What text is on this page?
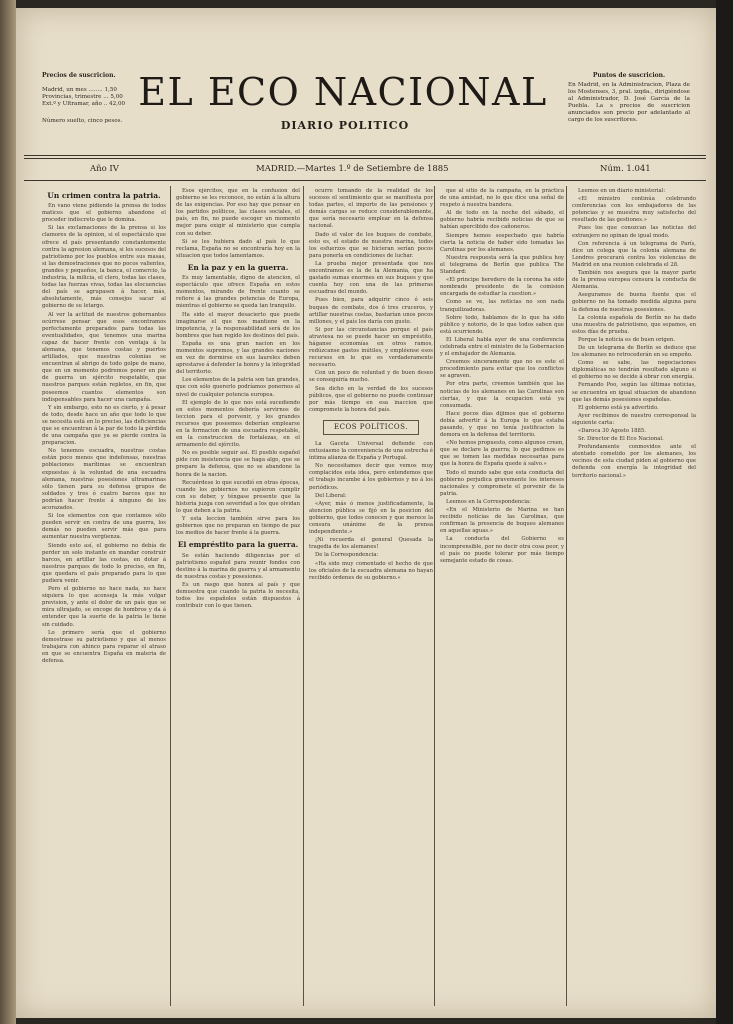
Precios de suscricion.
Madrid, un mes ........ 1,50
Provincias, trimestre ... 5,00
Ext.º y Ultramar, año .. 42,00
Número suelto, cinco pesos.
EL ECO NACIONAL
DIARIO POLITICO
Puntos de suscricion.
En Madrid, en la Administracion, Plaza de los Mostenses, 3, pral. izqda., dirigiéndose al Administrador, D. José García de la Puebla. La s precios de suscricion anunciados son precio por adelantado al cargo de los suscritores.
Año IV	MADRID.—Martes 1.º de Setiembre de 1885	Núm. 1.041
Un crimen contra la patria.

En vano viene pidiendo la prensa de todos matices que el gobierno abandone el proceder indiscreto que le domina.

Si las exclamaciones de la prensa si los clamores de la opinion, si el espectáculo que ofrece el país presentando constantemente contra la agresion alemana, si los sucesos del patriotismo por los pueblos entre sus masas, si las demostraciones que no pocos valientes, grandes y pequeños, la banca, el comercio, la industria, la milicia, el clero, todas las clases, todas las fuerzas vivas, todas las elocuencias del país se agrupasen á hacer, más, absolutamente, más consejos sacar al gobierno de su letargo.

Al ver la actitud de nuestros gobernantes ocúrrese pensar que esos encontramos perfectamente preparados para todas las eventualidades, que tenemos una marina capaz de hacer frente con ventaja á la alemana, que tenemos costas y puertos artillados, que nuestras colonias se encuentran al abrigo de todo golpe de mano, que en un momento podremos poner en pie de guerra un ejército respetable, que nuestros parques están repletos, en fin, que poseemos cuantos elementos son indispensables para hacer una campaña.

Y sin embargo, esto no es cierto, y á pesar de todo, desde hace un año que todo lo que se necesita está en lo preciso, las deficiencias que se encuentran á la par de todo la pérdida de una campaña que ya se pierde contra la preparacion.

No tenemos escuadra, nuestras costas están poco menos que indefensas, nuestras poblaciones marítimas se encuentran expuestas á la voluntad de una escuadra alemana, nuestras posesiones ultramarinas sólo tienen para su defensa grupos de soldados y tres ó cuatro barcos que no podrían hacer frente á ninguno de los acorazados.

Si los elementos con que contamos sólo pueden servir en contra de una guerra, los demás no pueden servir más que para aumentar nuestra vergüenza.

Siendo esto así, el gobierno no debía de perder un solo instante en mandar construir barcos, en artillar las costas, en dotar á nuestros parques de todo lo preciso, en fin, que quedara el país preparado para lo que pudiera venir.

Pero el gobierno no hace nada, no hace siquiera lo que aconseja la más vulgar prevision, y ante el dolor de un país que se mira ultrajado, se encoge de hombros y da á entender que la suerte de la patria le tiene sin cuidado.

Lo primero sería que el gobierno demostrase su patriotismo y que al menos trabajara con ahinco para reparar el atraso en que se encuentra España en materia de defensa.

Esos ejércitos, que en la confusion del gobierno se les reconoce, no están á la altura de las exigencias. Por eso hay que pensar en los partidos políticos, las clases sociales, el país, en fin, no puede escoger un momento mejor para exigir al ministerio que cumpla con su deber.

Si se les hubiera dado al país lo que reclama, España no se encontraría hoy en la situacion que todos lamentamos.

En la paz y en la guerra.

Es muy lamentable, digno de atencion, el espectáculo que ofrece España en estos momentos, mirando de frente cuanto se refiere á las grandes potencias de Europa, mientras el gobierno se queda tan tranquilo.

Ha sido el mayor desacierto que puede imaginarse el que nos mantiene en la impotencia, y la responsabilidad será de los hombres que han regido los destinos del país.

España es una gran nacion en los momentos supremos, y las grandes naciones en vez de dormirse en sus laureles deben aprestarse á defender la honra y la integridad del territorio.

Los elementos de la patria son tan grandes, que con sólo quererlo podríamos ponernos al nivel de cualquier potencia europea.

El ejemplo de lo que nos está sucediendo en estos momentos debería servirnos de leccion para el porvenir, y los grandes recursos que poseemos deberían emplearse en la formacion de una escuadra respetable, en la construccion de fortalezas, en el armamento del ejército.

No es posible seguir así. El pueblo español pide con insistencia que se haga algo, que se prepare la defensa, que no se abandone la honra de la nacion.

Recuérdese lo que sucedió en otras épocas, cuando los gobiernos no supieron cumplir con su deber, y téngase presente que la historia juzga con severidad a los que olvidan lo que deben a la patria.

Y esta leccion también sirve para los gobiernos que no preparan en tiempo de paz los medios de hacer frente á la guerra.

El empréstito para la guerra.

Se están haciendo diligencias por el patriotismo español para reunir fondos con destino á la marina de guerra y al armamento de nuestras costas y posesiones.

Es un rasgo que honra al país y que demuestra que cuando la patria lo necesita, todos los españoles están dispuestos á contribuir con lo que tienen.

ocurre tomando de la realidad de los sucesos el sentimiento que se manifiesta por todas partes, el importe de las pensiones y demás cargas se reduce considerablemente, que sería necesario emplear en la defensa nacional.

Dado el valor de los buques de combate, esto es, el estado de nuestra marina, todos los esfuerzos que se hicieran serían pocos para ponerla en condiciones de luchar.

La prueba mejor presentada que nos encontramos es la de la Alemania, que ha gastado sumas enormes en sus buques y que cuenta hoy con una de las primeras escuadras del mundo.

Pues bien, para adquirir cinco ó seis buques de combate, dos ó tres cruceros, y artillar nuestras costas, bastarían unos pocos millones, y el país los daría con gusto.

Si por las circunstancias porque el país atraviesa no se puede hacer un empréstito, háganse economías en otros ramos, redúzcanse gastos inútiles, y empléense esos recursos en lo que es verdaderamente necesario.

Con un poco de voluntad y de buen deseo se conseguiría mucho.

Sea dicho en la verdad de los sucesos públicos, que el gobierno no puede continuar por más tiempo en esa inaccion que compromete la honra del país.

ECOS POLÍTICOS.

La Gaceta Universal defiende con entusiasmo la conveniencia de una estrecha é íntima alianza de España y Portugal.

No necesitamos decir que vemos muy complacidos esta idea, pero entendemos que el trabajo incumbe á los gobiernos y no á los periódicos.

Del Liberal:

«Ayer, más ó menos justificadamente, la atencion pública se fijó en la posicion del gobierno, que todos conocen y que merece la censura unánime de la prensa independiente.»

¡Ni recuerda el general Quesada la tragedia de los alemanes!

De la Correspondencia:

«Ha sido muy comentado el hecho de que los oficiales de la escuadra alemana no hayan recibido órdenes de su gobierno.»

que al sitio de la campaña, en la práctica de una amistad, no lo que dice una señal de respeto á nuestra bandera.

Al de todo en la noche del sábado, el gobierno habría recibido noticias de que se habían apercibido dos cañoneros.

Siempre hemos sospechado que habría cierta la noticia de haber sido tomadas las Carolinas por los alemanes.

Nuestra respuesta será la que publica hoy el telegrama de Berlín que publica The Standard:

«El principe heredero de la corona ha sido nombrado presidente de la comision encargada de estudiar la cuestion.»

Como se ve, las noticias no son nada tranquilizadoras.

Sobre todo, hablamos de lo que ha sido público y notorio, de lo que todos saben que está ocurriendo.

El Liberal habla ayer de una conferencia celebrada entre el ministro de la Gobernacion y el embajador de Alemania.

Creemos sinceramente que no es este el procedimiento para evitar que los conflictos se agraven.

Por otra parte, creemos también que las noticias de los alemanes en las Carolinas son ciertas, y que la ocupacion está ya consumada.

Hace pocos días dijimos que el gobierno debía advertir á la Europa lo que estaba pasando, y que no tenía justificacion la demora en la defensa del territorio.

«No hemos propuesto, como algunos creen, que se declare la guerra; lo que pedimos es que se tomen las medidas necesarias para que la honra de España quede á salvo.»

Todo el mundo sabe que esta conducta del gobierno perjudica gravemente los intereses nacionales y compromete el porvenir de la patria.

Leemos en la Correspondencia:

«En el Ministerio de Marina se han recibido noticias de las Carolinas, que confirman la presencia de buques alemanes en aquellas aguas.»

La conducta del Gobierno es incomprensible, por no decir otra cosa peor, y el país no puede tolerar por más tiempo semejante estado de cosas.

Leemos en un diario ministerial:

«El ministro continúa celebrando conferencias con los embajadores de las potencias y se muestra muy satisfecho del resultado de las gestiones.»

Pues los que conozcan las noticias del extranjero no opinan de igual modo.

Con referencia á un telegrama de París, dice un colega que la colonia alemana de Londres procurará contra los violencias de Madrid en una reunion celebrada el 28.

También nos asegura que la mayor parte de la prensa europea censura la conducta de Alemania.

Aseguramos de buena fuente que el gobierno no ha tomado medida alguna para la defensa de nuestras posesiones.

La colonia española de Berlín no ha dado una muestra de patriotismo, que sepamos, en estos días de prueba.

Porque la noticia es de buen origen.

De un telegrama de Berlín se deduce que los alemanes no retrocederán en su empeño.

Como se sabe, las negociaciones diplomáticas no tendrán resultado alguno si el gobierno no se decide á obrar con energía.

Fernando Poo, según las últimas noticias, se encuentra en igual situacion de abandono que las demás posesiones españolas.

El gobierno está ya advertido.

Ayer recibimos de nuestro corresponsal la siguiente carta:

«Daroca 30 Agosto 1885.

Sr. Director de El Eco Nacional.

Profundamente conmovidos ante el atentado cometido por los alemanes, los vecinos de esta ciudad piden al gobierno que defienda con energía la integridad del territorio nacional.»
